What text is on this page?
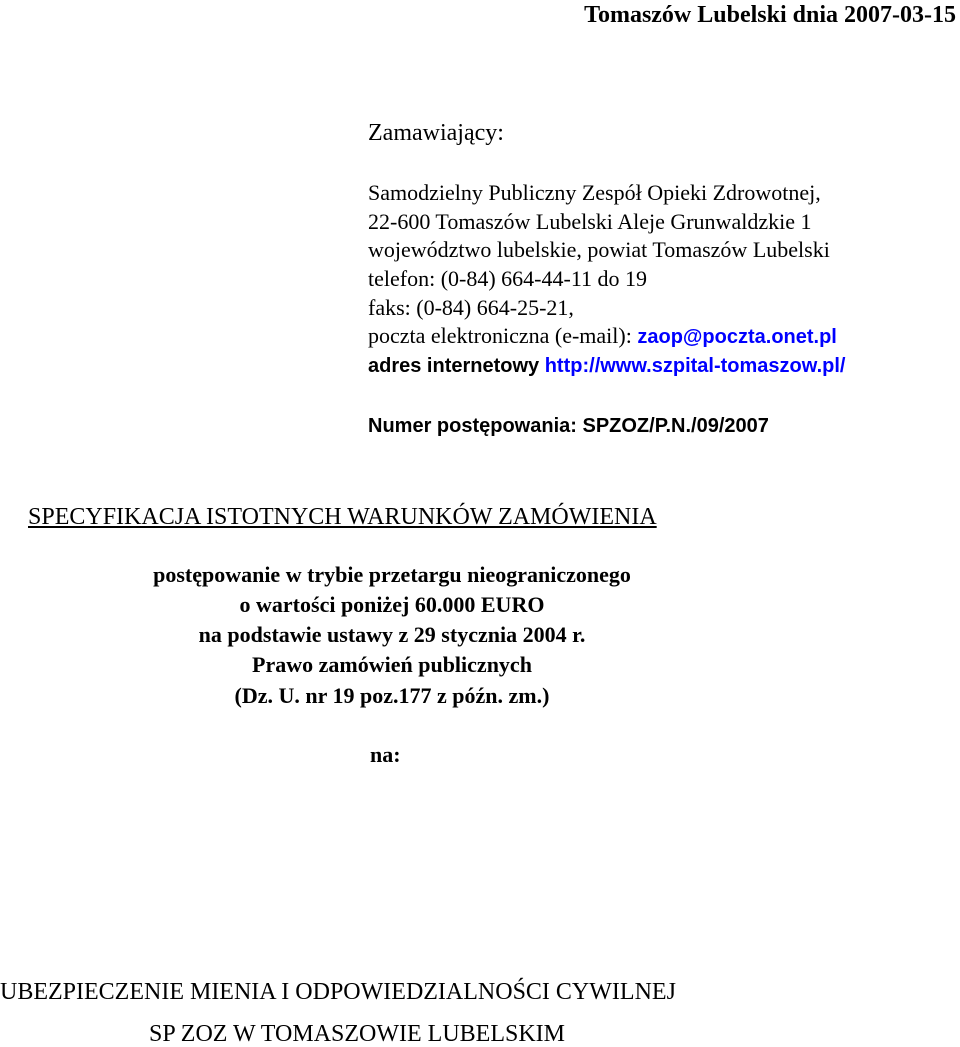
Tomaszów Lubelski dnia 2007-03-15
Zamawiający:
Samodzielny Publiczny Zespół Opieki Zdrowotnej,
22-600 Tomaszów Lubelski Aleje Grunwaldzkie 1
województwo lubelskie, powiat Tomaszów Lubelski
telefon: (0-84) 664-44-11 do 19
faks: (0-84) 664-25-21,
poczta elektroniczna (e-mail): zaop@poczta.onet.pl
adres internetowy http://www.szpital-tomaszow.pl/
Numer postępowania: SPZOZ/P.N./09/2007
SPECYFIKACJA ISTOTNYCH WARUNKÓW ZAMÓWIENIA
postępowanie w trybie przetargu nieograniczonego
o wartości poniżej 60.000 EURO
na podstawie ustawy z 29 stycznia 2004 r.
Prawo zamówień publicznych
(Dz. U. nr 19 poz.177 z późn. zm.)
na:
UBEZPIECZENIE MIENIA I ODPOWIEDZIALNOŚCI CYWILNEJ
SP ZOZ W TOMASZOWIE LUBELSKIM
